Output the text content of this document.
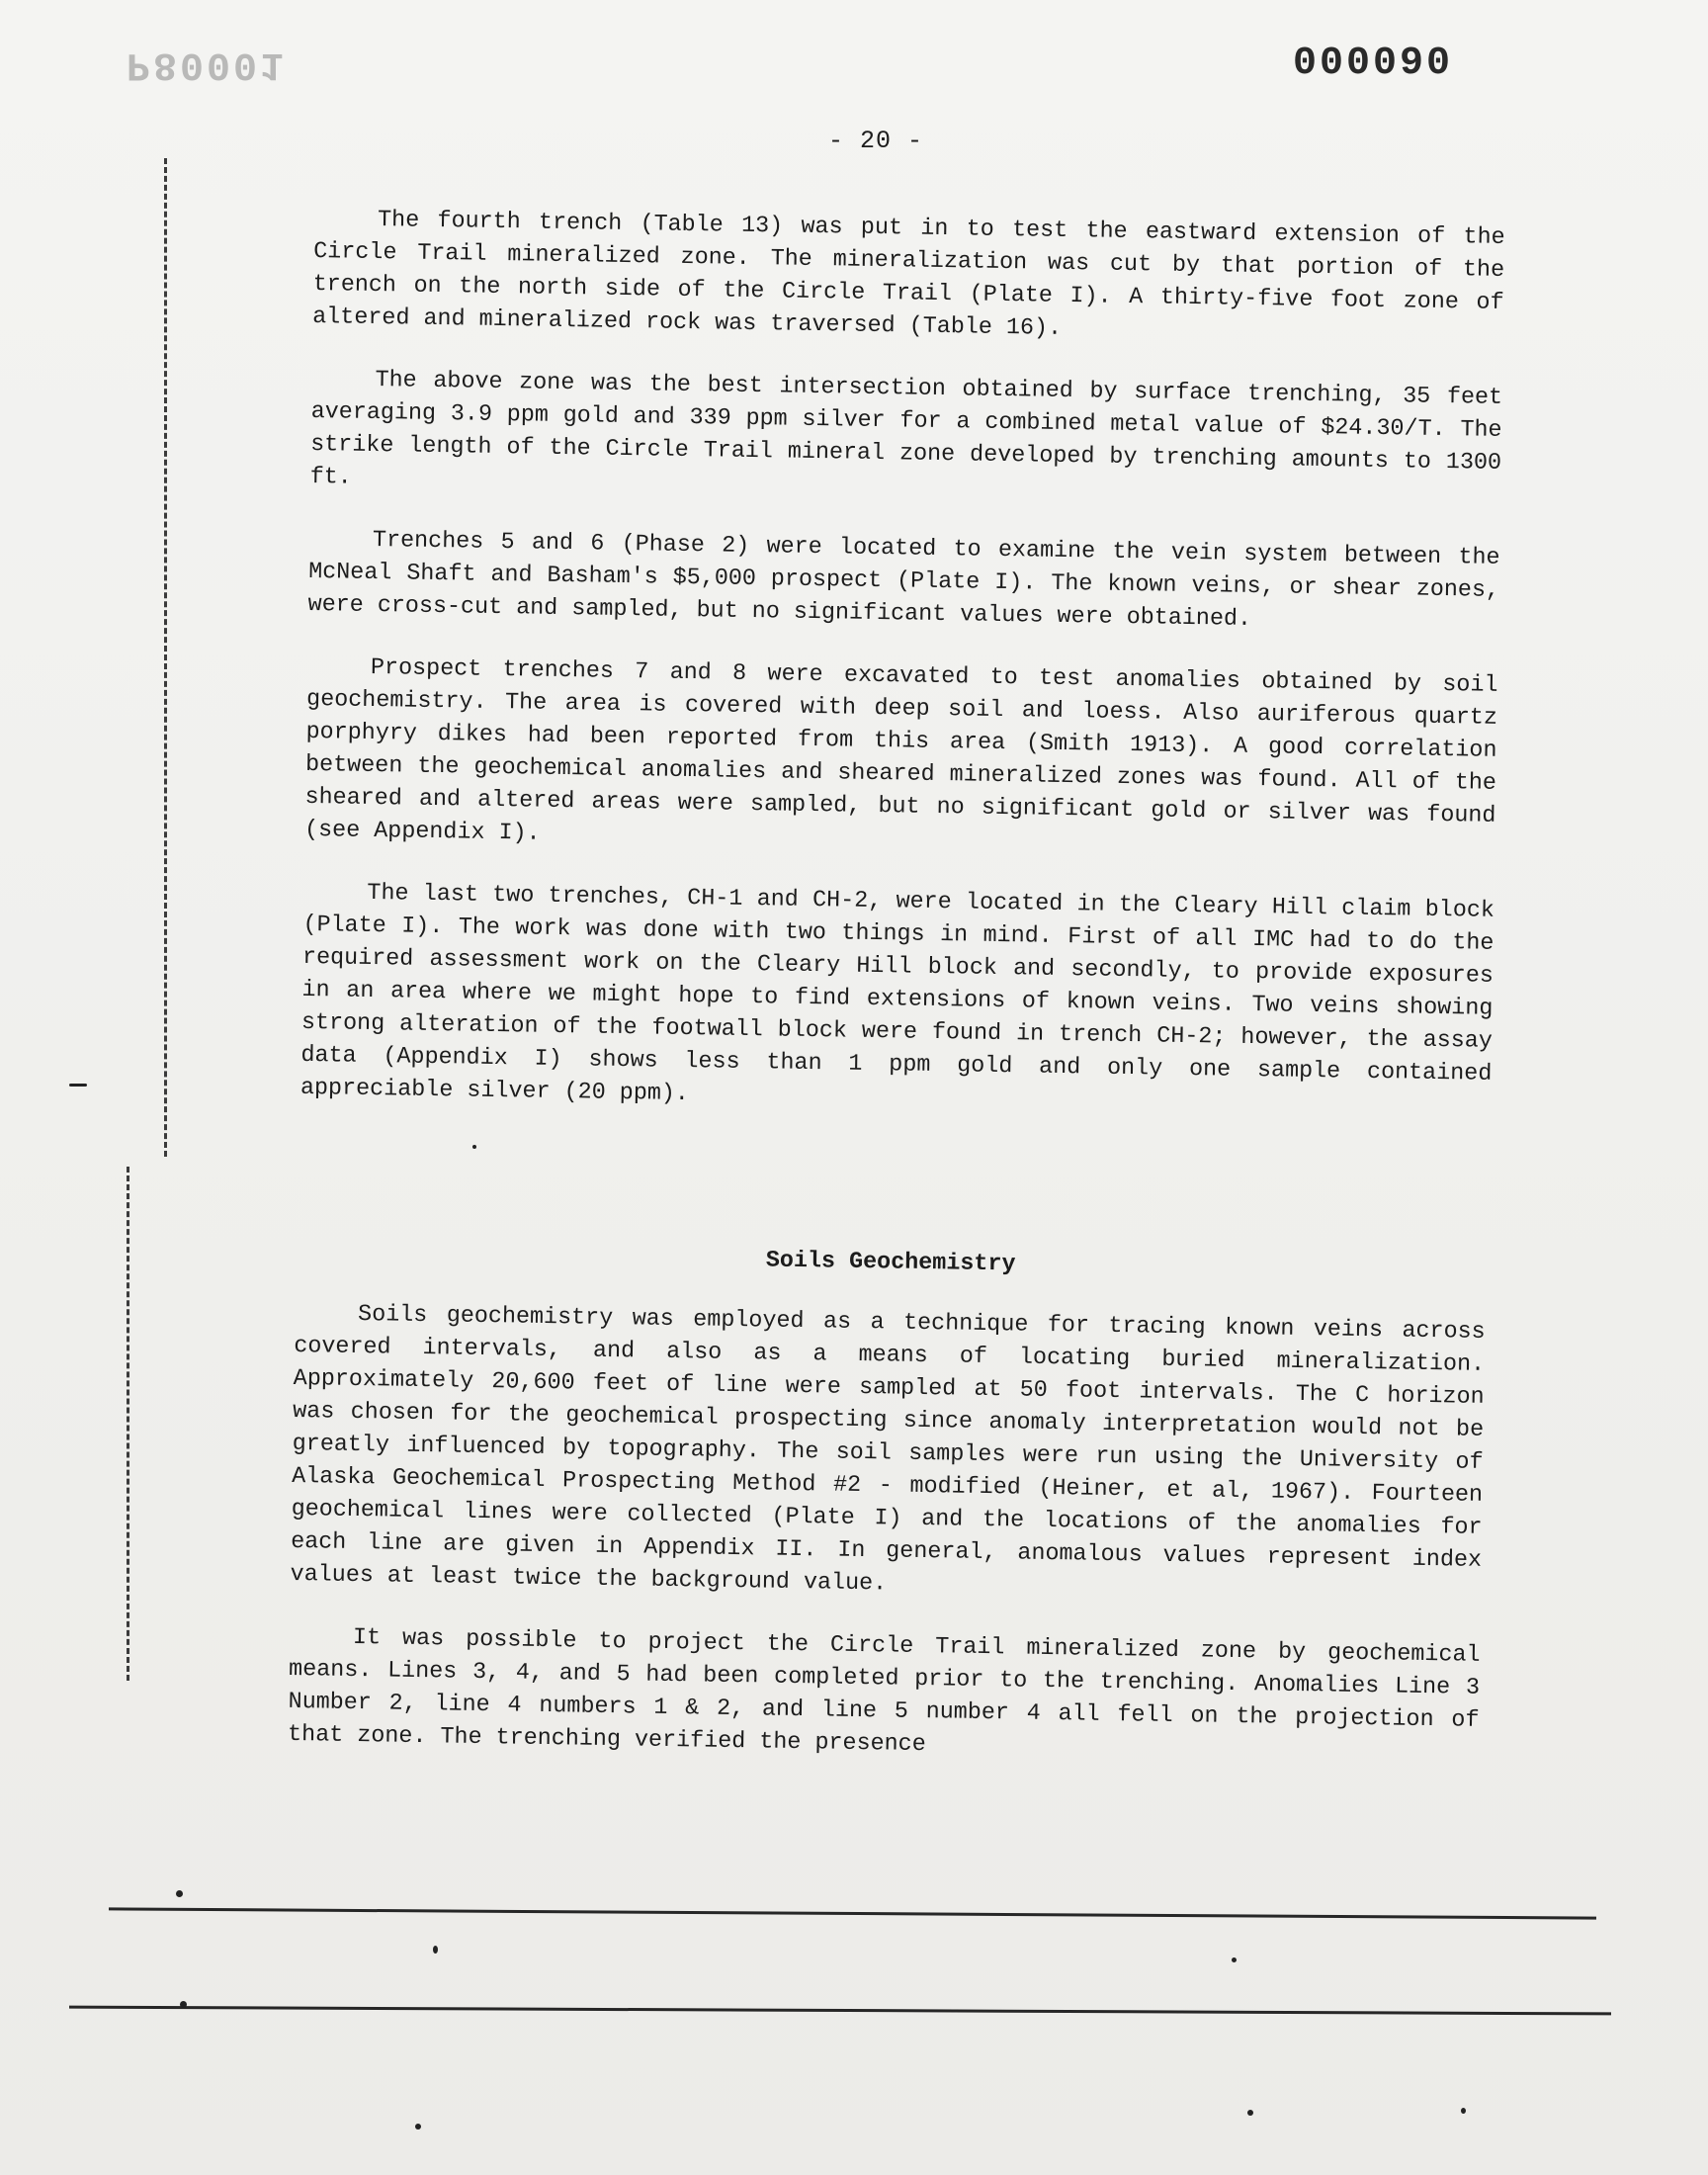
P80001	000090
- 20 -

The fourth trench (Table 13) was put in to test the eastward extension of the Circle Trail mineralized zone. The mineralization was cut by that portion of the trench on the north side of the Circle Trail (Plate I). A thirty-five foot zone of altered and mineralized rock was traversed (Table 16).

The above zone was the best intersection obtained by surface trenching, 35 feet averaging 3.9 ppm gold and 339 ppm silver for a combined metal value of $24.30/T. The strike length of the Circle Trail mineral zone developed by trenching amounts to 1300 ft.

Trenches 5 and 6 (Phase 2) were located to examine the vein system between the McNeal Shaft and Basham's $5,000 prospect (Plate I). The known veins, or shear zones, were cross-cut and sampled, but no significant values were obtained.

Prospect trenches 7 and 8 were excavated to test anomalies obtained by soil geochemistry. The area is covered with deep soil and loess. Also auriferous quartz porphyry dikes had been reported from this area (Smith 1913). A good correlation between the geochemical anomalies and sheared mineralized zones was found. All of the sheared and altered areas were sampled, but no significant gold or silver was found (see Appendix I).

The last two trenches, CH-1 and CH-2, were located in the Cleary Hill claim block (Plate I). The work was done with two things in mind. First of all IMC had to do the required assessment work on the Cleary Hill block and secondly, to provide exposures in an area where we might hope to find extensions of known veins. Two veins showing strong alteration of the footwall block were found in trench CH-2; however, the assay data (Appendix I) shows less than 1 ppm gold and only one sample contained appreciable silver (20 ppm).

Soils Geochemistry

Soils geochemistry was employed as a technique for tracing known veins across covered intervals, and also as a means of locating buried mineralization. Approximately 20,600 feet of line were sampled at 50 foot intervals. The C horizon was chosen for the geochemical prospecting since anomaly interpretation would not be greatly influenced by topography. The soil samples were run using the University of Alaska Geochemical Prospecting Method #2 - modified (Heiner, et al, 1967). Fourteen geochemical lines were collected (Plate I) and the locations of the anomalies for each line are given in Appendix II. In general, anomalous values represent index values at least twice the background value.

It was possible to project the Circle Trail mineralized zone by geochemical means. Lines 3, 4, and 5 had been completed prior to the trenching. Anomalies Line 3 Number 2, line 4 numbers 1 & 2, and line 5 number 4 all fell on the projection of that zone. The trenching verified the presence
